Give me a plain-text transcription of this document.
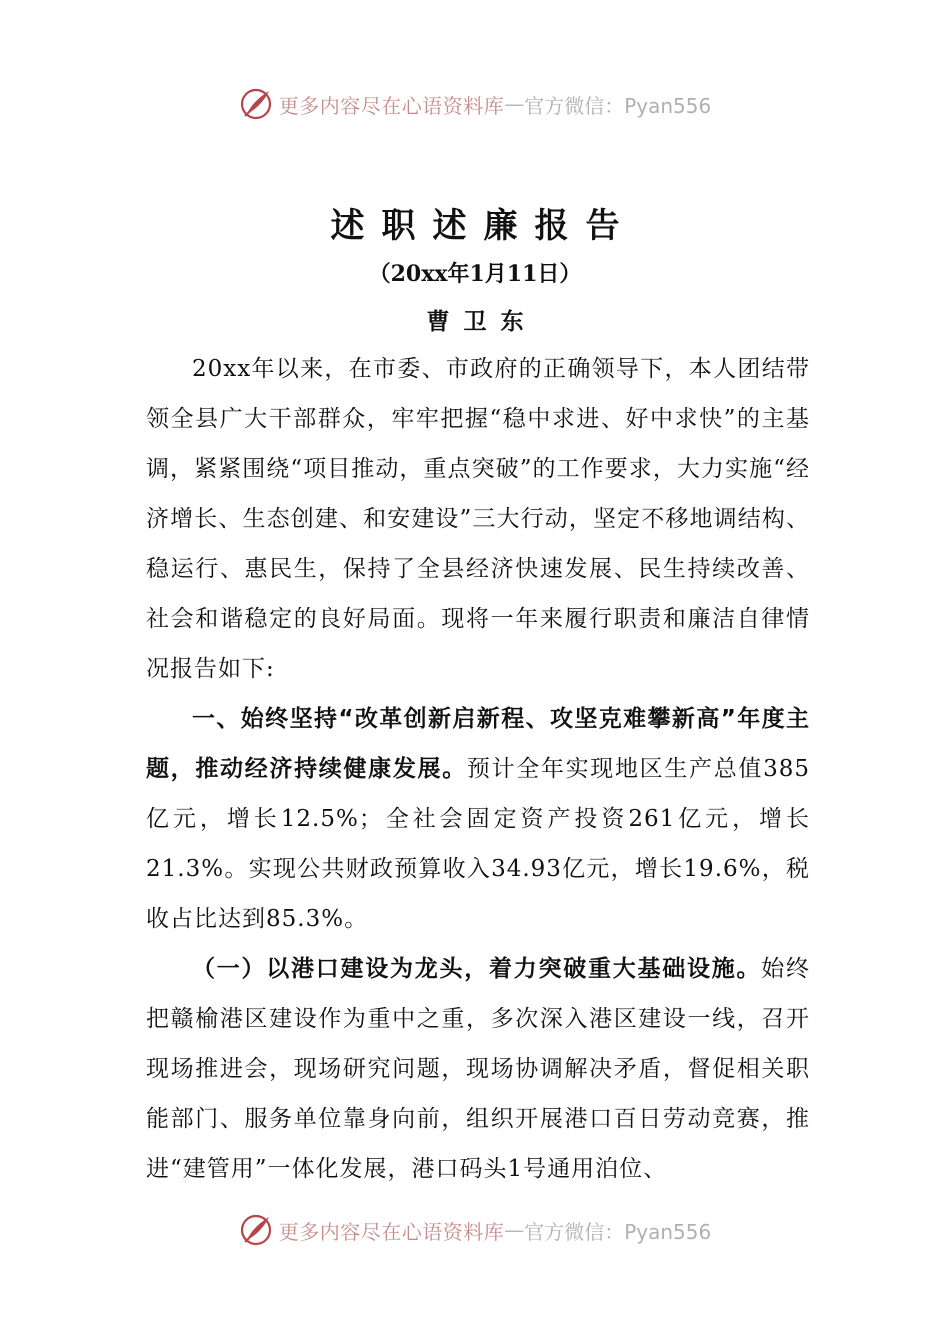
更多内容尽在心语资料库 — 官方微信：Pyan556
述职述廉报告
（20xx年1月11日）
曹卫东

20xx年以来，在市委、市政府的正确领导下，本人团结带领全县广大干部群众，牢牢把握“稳中求进、好中求快”的主基调，紧紧围绕“项目推动，重点突破”的工作要求，大力实施“经济增长、生态创建、和安建设”三大行动，坚定不移地调结构、稳运行、惠民生，保持了全县经济快速发展、民生持续改善、社会和谐稳定的良好局面。现将一年来履行职责和廉洁自律情况报告如下:

一、始终坚持“改革创新启新程、攻坚克难攀新高”年度主题，推动经济持续健康发展。预计全年实现地区生产总值385亿元，增长12.5%；全社会固定资产投资261亿元，增长21.3%。实现公共财政预算收入34.93亿元，增长19.6%，税收占比达到85.3%。

（一）以港口建设为龙头，着力突破重大基础设施。始终把赣榆港区建设作为重中之重，多次深入港区建设一线，召开现场推进会，现场研究问题，现场协调解决矛盾，督促相关职能部门、服务单位靠身向前，组织开展港口百日劳动竞赛，推进“建管用”一体化发展，港口码头1号通用泊位、

更多内容尽在心语资料库 — 官方微信：Pyan556
